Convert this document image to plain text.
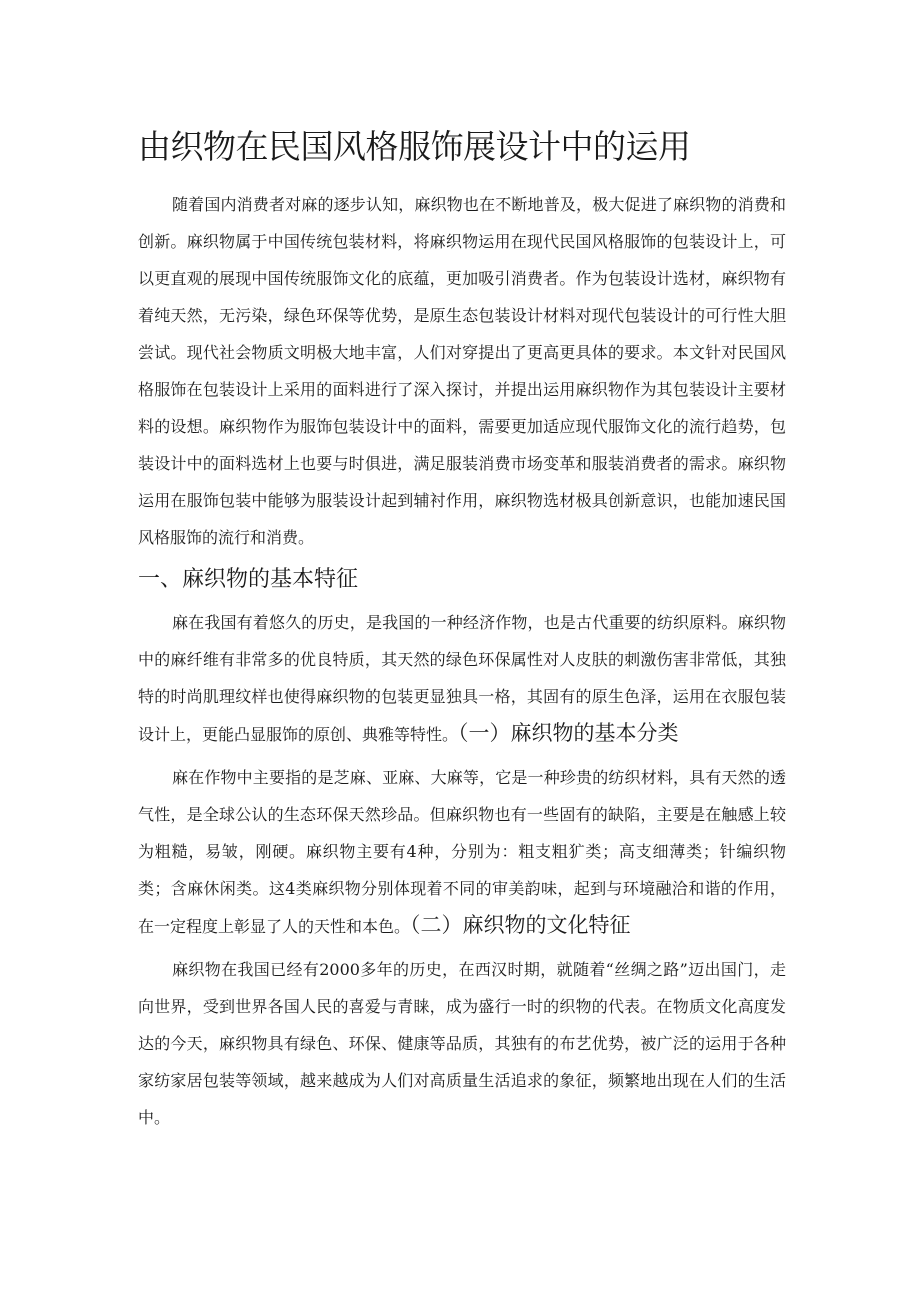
由织物在民国风格服饰展设计中的运用

随着国内消费者对麻的逐步认知，麻织物也在不断地普及，极大促进了麻织物的消费和创新。麻织物属于中国传统包装材料，将麻织物运用在现代民国风格服饰的包装设计上，可以更直观的展现中国传统服饰文化的底蕴，更加吸引消费者。作为包装设计选材，麻织物有着纯天然，无污染，绿色环保等优势，是原生态包装设计材料对现代包装设计的可行性大胆尝试。现代社会物质文明极大地丰富，人们对穿提出了更高更具体的要求。本文针对民国风格服饰在包装设计上采用的面料进行了深入探讨，并提出运用麻织物作为其包装设计主要材料的设想。麻织物作为服饰包装设计中的面料，需要更加适应现代服饰文化的流行趋势，包装设计中的面料选材上也要与时俱进，满足服装消费市场变革和服装消费者的需求。麻织物运用在服饰包装中能够为服装设计起到辅衬作用，麻织物选材极具创新意识，也能加速民国风格服饰的流行和消费。

一、麻织物的基本特征

麻在我国有着悠久的历史，是我国的一种经济作物，也是古代重要的纺织原料。麻织物中的麻纤维有非常多的优良特质，其天然的绿色环保属性对人皮肤的刺激伤害非常低，其独特的时尚肌理纹样也使得麻织物的包装更显独具一格，其固有的原生色泽，运用在衣服包装设计上，更能凸显服饰的原创、典雅等特性。（一）麻织物的基本分类

麻在作物中主要指的是芝麻、亚麻、大麻等，它是一种珍贵的纺织材料，具有天然的透气性，是全球公认的生态环保天然珍品。但麻织物也有一些固有的缺陷，主要是在触感上较为粗糙，易皱，刚硬。麻织物主要有4种，分别为：粗支粗犷类；高支细薄类；针编织物类；含麻休闲类。这4类麻织物分别体现着不同的审美韵味，起到与环境融洽和谐的作用，在一定程度上彰显了人的天性和本色。（二）麻织物的文化特征

麻织物在我国已经有2000多年的历史，在西汉时期，就随着“丝绸之路”迈出国门，走向世界，受到世界各国人民的喜爱与青睐，成为盛行一时的织物的代表。在物质文化高度发达的今天，麻织物具有绿色、环保、健康等品质，其独有的布艺优势，被广泛的运用于各种家纺家居包装等领域，越来越成为人们对高质量生活追求的象征，频繁地出现在人们的生活中。
